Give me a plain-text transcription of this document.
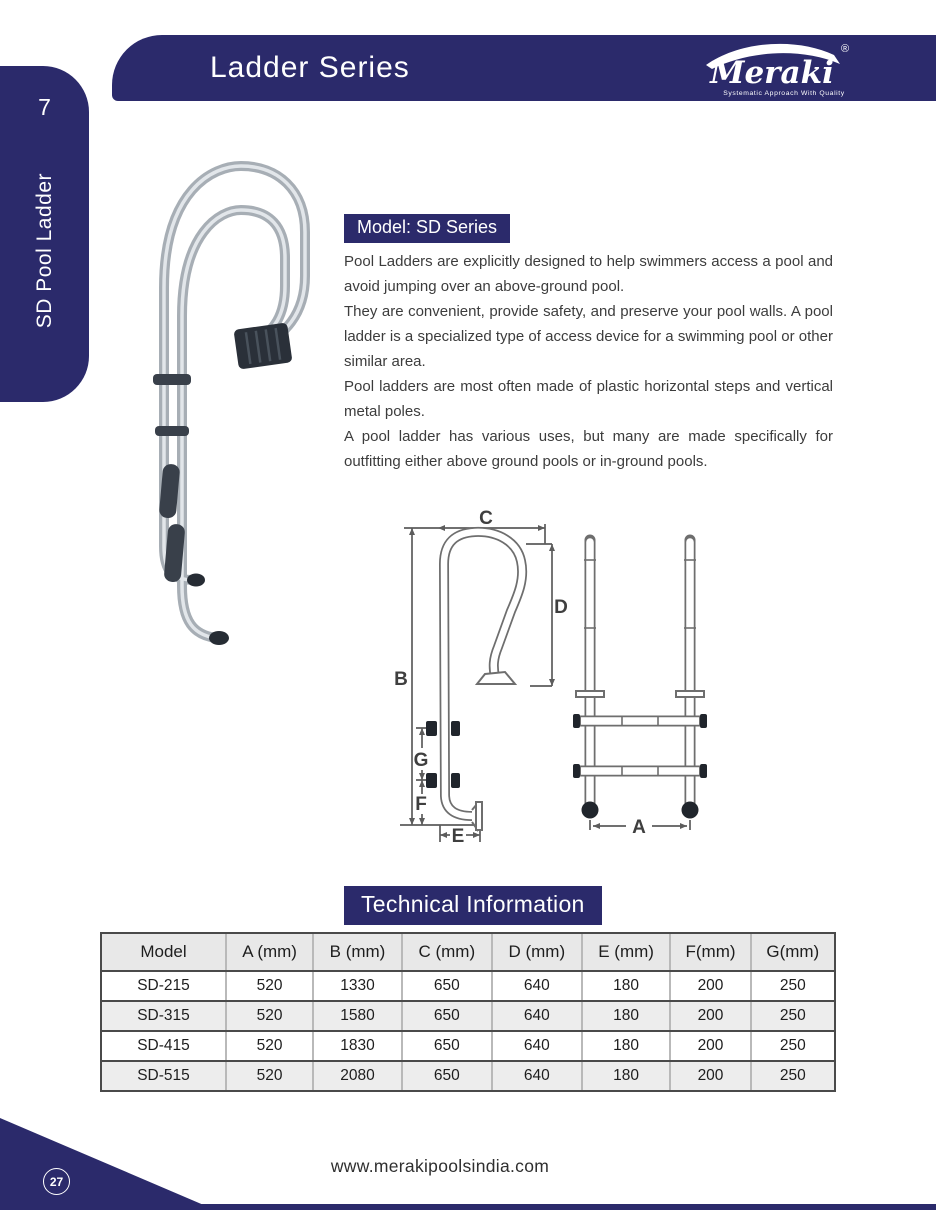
Ladder Series	Meraki
®
Systematic Approach With Quality
7
SD Pool Ladder	Model: SD Series

Pool Ladders are explicitly designed to help swimmers access a pool and avoid jumping over an above-ground pool.

They are convenient, provide safety, and preserve your pool walls. A pool ladder is a specialized type of access device for a swimming pool or other similar area.

Pool ladders are most often made of plastic horizontal steps and vertical metal poles.

A pool ladder has various uses, but many are made specifically for outfitting either above ground pools or in-ground pools.

C
B
D
G
F
E	A
Technical Information
Model	A (mm)	B (mm)	C (mm)	D (mm)	E (mm)	F(mm)	G(mm)
SD-215	520	1330	650	640	180	200	250
SD-315	520	1580	650	640	180	200	250
SD-415	520	1830	650	640	180	200	250
SD-515	520	2080	650	640	180	200	250
27
www.merakipoolsindia.com
